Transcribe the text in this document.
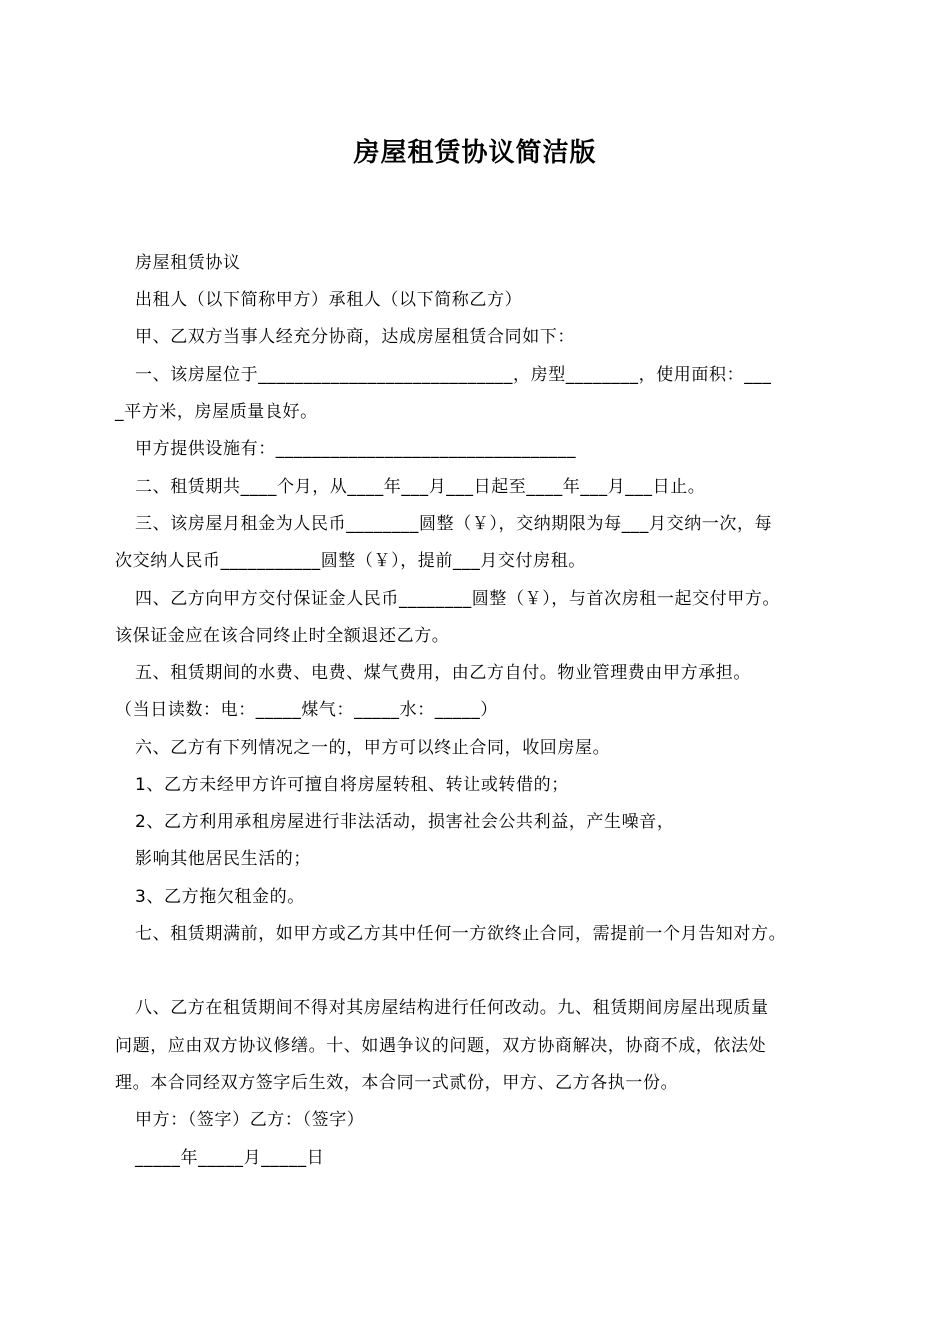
房屋租赁协议简洁版
房屋租赁协议
出租人（以下简称甲方）承租人（以下简称乙方）
甲、乙双方当事人经充分协商，达成房屋租赁合同如下：
一、该房屋位于____________________________，房型________，使用面积：___
_平方米，房屋质量良好。
甲方提供设施有：_________________________________
二、租赁期共____个月，从____年___月___日起至____年___月___日止。
三、该房屋月租金为人民币________圆整（￥），交纳期限为每___月交纳一次，每
次交纳人民币___________圆整（￥），提前___月交付房租。
四、乙方向甲方交付保证金人民币________圆整（￥），与首次房租一起交付甲方。
该保证金应在该合同终止时全额退还乙方。
五、租赁期间的水费、电费、煤气费用，由乙方自付。物业管理费由甲方承担。
（当日读数：电：_____煤气：_____水：_____）
六、乙方有下列情况之一的，甲方可以终止合同，收回房屋。
1、乙方未经甲方许可擅自将房屋转租、转让或转借的；
2、乙方利用承租房屋进行非法活动，损害社会公共利益，产生噪音，
影响其他居民生活的；
3、乙方拖欠租金的。
七、租赁期满前，如甲方或乙方其中任何一方欲终止合同，需提前一个月告知对方。
八、乙方在租赁期间不得对其房屋结构进行任何改动。九、租赁期间房屋出现质量
问题，应由双方协议修缮。十、如遇争议的问题，双方协商解决，协商不成，依法处
理。本合同经双方签字后生效，本合同一式贰份，甲方、乙方各执一份。
甲方：（签字）乙方：（签字）
_____年_____月_____日
